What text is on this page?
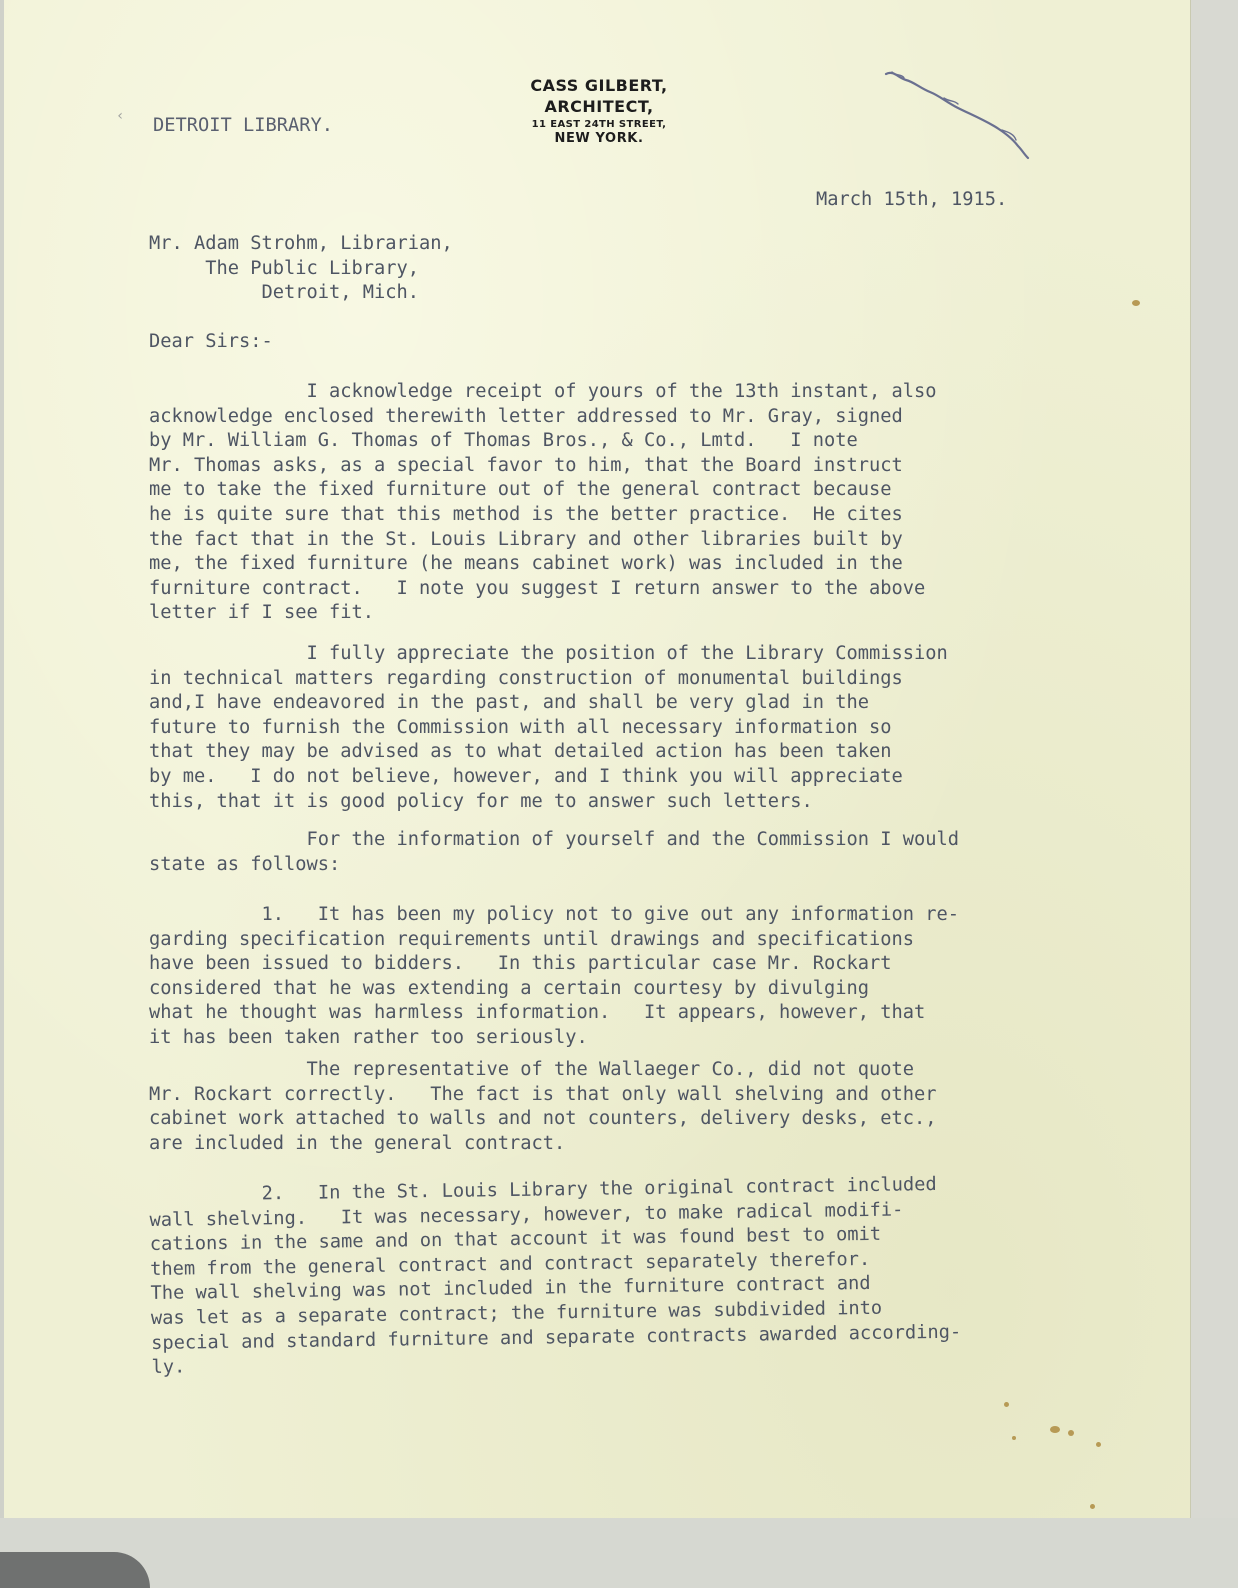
CASS GILBERT,
ARCHITECT,
11 EAST 24TH STREET,
NEW YORK.
‹ DETROIT LIBRARY.

March 15th, 1915.

Mr. Adam Strohm, Librarian,
The Public Library,
Detroit, Mich.

Dear Sirs:-

I acknowledge receipt of yours of the 13th instant, also
acknowledge enclosed therewith letter addressed to Mr. Gray, signed
by Mr. William G. Thomas of Thomas Bros., & Co., Lmtd.   I note
Mr. Thomas asks, as a special favor to him, that the Board instruct
me to take the fixed furniture out of the general contract because
he is quite sure that this method is the better practice.  He cites
the fact that in the St. Louis Library and other libraries built by
me, the fixed furniture (he means cabinet work) was included in the
furniture contract.   I note you suggest I return answer to the above
letter if I see fit.
I fully appreciate the position of the Library Commission
in technical matters regarding construction of monumental buildings
and,I have endeavored in the past, and shall be very glad in the
future to furnish the Commission with all necessary information so
that they may be advised as to what detailed action has been taken
by me.   I do not believe, however, and I think you will appreciate
this, that it is good policy for me to answer such letters.
For the information of yourself and the Commission I would
state as follows:
1.   It has been my policy not to give out any information re-
garding specification requirements until drawings and specifications
have been issued to bidders.   In this particular case Mr. Rockart
considered that he was extending a certain courtesy by divulging
what he thought was harmless information.   It appears, however, that
it has been taken rather too seriously.
The representative of the Wallaeger Co., did not quote
Mr. Rockart correctly.   The fact is that only wall shelving and other
cabinet work attached to walls and not counters, delivery desks, etc.,
are included in the general contract.
2.   In the St. Louis Library the original contract included
wall shelving.   It was necessary, however, to make radical modifi-
cations in the same and on that account it was found best to omit
them from the general contract and contract separately therefor.
The wall shelving was not included in the furniture contract and
was let as a separate contract; the furniture was subdivided into
special and standard furniture and separate contracts awarded according-
ly.
